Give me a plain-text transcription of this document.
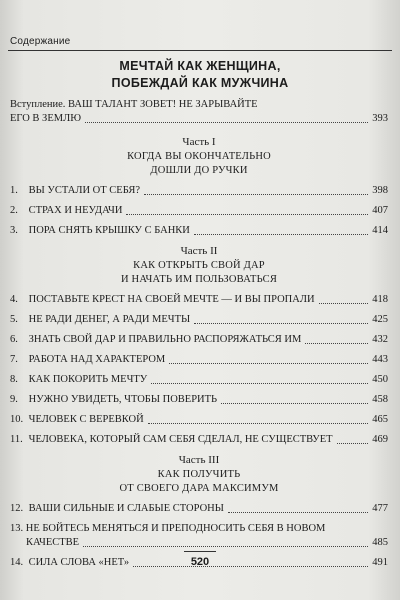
Содержание
МЕЧТАЙ КАК ЖЕНЩИНА,
ПОБЕЖДАЙ КАК МУЖЧИНА
Вступление. ВАШ ТАЛАНТ ЗОВЕТ! НЕ ЗАРЫВАЙТЕ
ЕГО В ЗЕМЛЮ	393
Часть I
КОГДА ВЫ ОКОНЧАТЕЛЬНО
ДОШЛИ ДО РУЧКИ
1. ВЫ УСТАЛИ ОТ СЕБЯ?	398
2. СТРАХ И НЕУДАЧИ	407
3. ПОРА СНЯТЬ КРЫШКУ С БАНКИ	414
Часть II
КАК ОТКРЫТЬ СВОЙ ДАР
И НАЧАТЬ ИМ ПОЛЬЗОВАТЬСЯ
4. ПОСТАВЬТЕ КРЕСТ НА СВОЕЙ МЕЧТЕ — И ВЫ ПРОПАЛИ	418
5. НЕ РАДИ ДЕНЕГ, А РАДИ МЕЧТЫ	425
6. ЗНАТЬ СВОЙ ДАР И ПРАВИЛЬНО РАСПОРЯЖАТЬСЯ ИМ	432
7. РАБОТА НАД ХАРАКТЕРОМ	443
8. КАК ПОКОРИТЬ МЕЧТУ	450
9. НУЖНО УВИДЕТЬ, ЧТОБЫ ПОВЕРИТЬ	458
10. ЧЕЛОВЕК С ВЕРЕВКОЙ	465
11. ЧЕЛОВЕКА, КОТОРЫЙ САМ СЕБЯ СДЕЛАЛ, НЕ СУЩЕСТВУЕТ	469
Часть III
КАК ПОЛУЧИТЬ
ОТ СВОЕГО ДАРА МАКСИМУМ
12. ВАШИ СИЛЬНЫЕ И СЛАБЫЕ СТОРОНЫ	477
13. НЕ БОЙТЕСЬ МЕНЯТЬСЯ И ПРЕПОДНОСИТЬ СЕБЯ В НОВОМ
КАЧЕСТВЕ	485
14. СИЛА СЛОВА «НЕТ»	491
520
